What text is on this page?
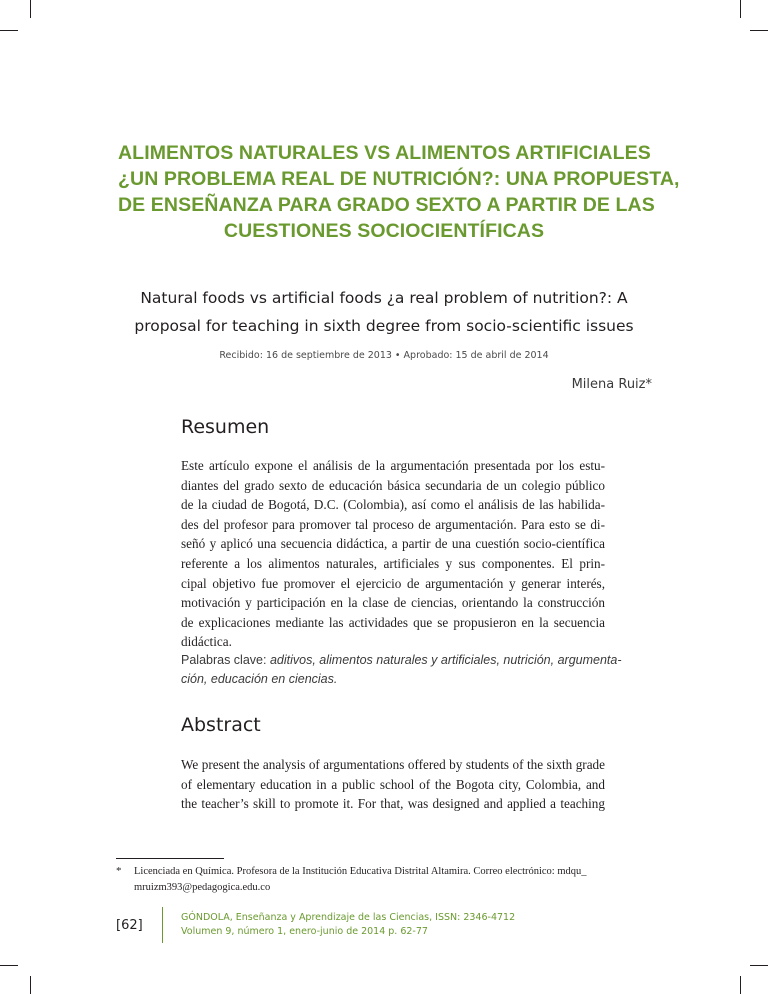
ALIMENTOS NATURALES VS ALIMENTOS ARTIFICIALES
¿UN PROBLEMA REAL DE NUTRICIÓN?: UNA PROPUESTA,
DE ENSEÑANZA PARA GRADO SEXTO A PARTIR DE LAS
CUESTIONES SOCIOCIENTÍFICAS
Natural foods vs artificial foods ¿a real problem of nutrition?: A
proposal for teaching in sixth degree from socio-scientific issues
Recibido: 16 de septiembre de 2013 • Aprobado: 15 de abril de 2014
Milena Ruiz*
Resumen
Este artículo expone el análisis de la argumentación presentada por los estu-
diantes del grado sexto de educación básica secundaria de un colegio público
de la ciudad de Bogotá, D.C. (Colombia), así como el análisis de las habilida-
des del profesor para promover tal proceso de argumentación. Para esto se di-
señó y aplicó una secuencia didáctica, a partir de una cuestión socio-científica
referente a los alimentos naturales, artificiales y sus componentes. El prin-
cipal objetivo fue promover el ejercicio de argumentación y generar interés,
motivación y participación en la clase de ciencias, orientando la construcción
de explicaciones mediante las actividades que se propusieron en la secuencia
didáctica.
Palabras clave: aditivos, alimentos naturales y artificiales, nutrición, argumenta-
ción, educación en ciencias.
Abstract
We present the analysis of argumentations offered by students of the sixth grade
of elementary education in a public school of the Bogota city, Colombia, and
the teacher’s skill to promote it. For that, was designed and applied a teaching
* Licenciada en Química. Profesora de la Institución Educativa Distrital Altamira. Correo electrónico: mdqu_
mruizm393@pedagogica.edu.co
[62]
GÓNDOLA, Enseñanza y Aprendizaje de las Ciencias, ISSN: 2346-4712
Volumen 9, número 1, enero-junio de 2014 p. 62-77
